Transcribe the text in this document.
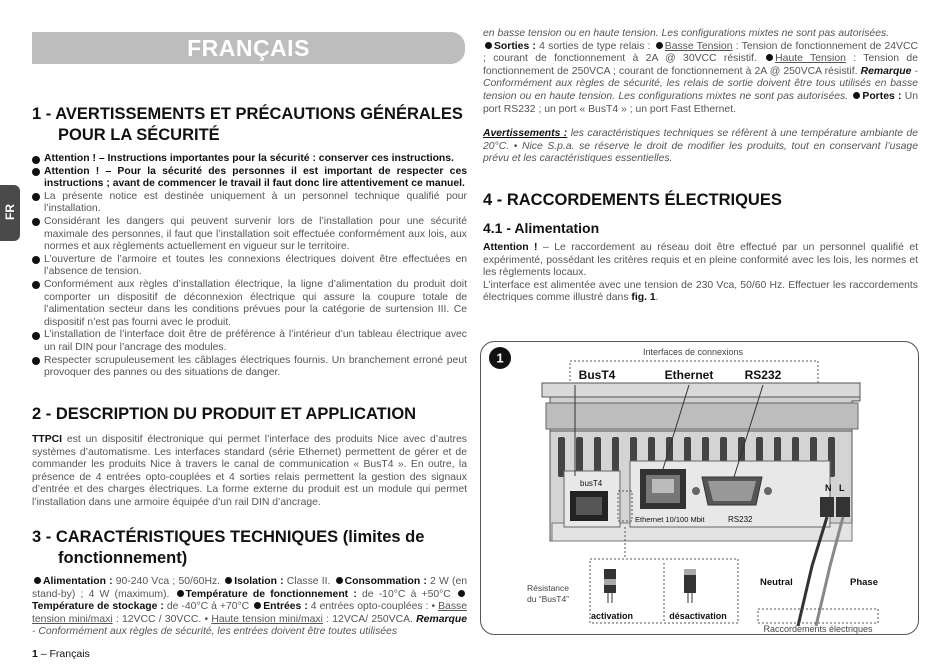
FRANÇAIS
FR
1 - AVERTISSEMENTS ET PRÉCAUTIONS GÉNÉRALES
POUR LA SÉCURITÉ
Attention ! – Instructions importantes pour la sécurité : conserver ces instructions.
Attention ! – Pour la sécurité des personnes il est important de respecter ces instructions ; avant de commencer le travail il faut donc lire attentivement ce manuel.
La présente notice est destinée uniquement à un personnel technique qualifié pour l’installation.
Considérant les dangers qui peuvent survenir lors de l’installation pour une sécurité maximale des personnes, il faut que l’installation soit effectuée conformément aux lois, aux normes et aux règlements actuellement en vigueur sur le territoire.
L’ouverture de l’armoire et toutes les connexions électriques doivent être effectuées en l’absence de tension.
Conformément aux règles d’installation électrique, la ligne d’alimentation du produit doit comporter un dispositif de déconnexion électrique qui assure la coupure totale de l’alimentation secteur dans les conditions prévues pour la catégorie de surtension III. Ce dispositif n’est pas fourni avec le produit.
L’installation de l’interface doit être de préférence à l’intérieur d’un tableau électrique avec un rail DIN pour l’ancrage des modules.
Respecter scrupuleusement les câblages électriques fournis. Un branchement erroné peut provoquer des pannes ou des situations de danger.
2 - DESCRIPTION DU PRODUIT ET APPLICATION
TTPCI est un dispositif électronique qui permet l’interface des produits Nice avec d’autres systèmes d’automatisme. Les interfaces standard (série Ethernet) permettent de gérer et de commander les produits Nice à travers le canal de communication « BusT4 ». En outre, la présence de 4 entrées opto-couplées et 4 sorties relais permettent la gestion des signaux d’entrée et des charges électriques. La forme externe du produit est un module qui permet l’installation dans une armoire équipée d’un rail DIN d’ancrage.
3 - CARACTÉRISTIQUES TECHNIQUES (limites de
fonctionnement)
Alimentation : 90-240 Vca ; 50/60Hz. Isolation : Classe II. Consommation : 2 W (en stand-by) ; 4 W (maximum). Température de fonctionnement : de -10°C à +50°C Température de stockage : de -40°C à +70°C Entrées : 4 entrées opto-couplées : • Basse tension mini/maxi : 12VCC / 30VCC. • Haute tension mini/maxi : 12VCA/ 250VCA. Remarque - Conformément aux règles de sécurité, les entrées doivent être toutes utilisées
1 – Français
en basse tension ou en haute tension. Les configurations mixtes ne sont pas autorisées.
Sorties : 4 sorties de type relais : Basse Tension : Tension de fonctionnement de 24VCC ; courant de fonctionnement à 2A @ 30VCC résistif. Haute Tension : Tension de fonctionnement de 250VCA ; courant de fonctionnement à 2A @ 250VCA résistif. Remarque - Conformément aux règles de sécurité, les relais de sortie doivent être tous utilisés en basse tension ou en haute tension. Les configurations mixtes ne sont pas autorisées. Portes : Un port RS232 ; un port « BusT4 » ; un port Fast Ethernet.
Avertissements : les caractéristiques techniques se réfèrent à une température ambiante de 20°C. • Nice S.p.a. se réserve le droit de modifier les produits, tout en conservant l’usage prévu et les caractéristiques essentielles.
4 - RACCORDEMENTS ÉLECTRIQUES
4.1 - Alimentation
Attention ! – Le raccordement au réseau doit être effectué par un personnel qualifié et expérimenté, possédant les critères requis et en pleine conformité avec les lois, les normes et les règlements locaux.
L’interface est alimentée avec une tension de 230 Vca, 50/60 Hz. Effectuer les raccordements électriques comme illustré dans fig. 1.
1	Interfaces de connexions
BusT4	Ethernet	RS232
busT4
Ethernet 10/100 Mbit	RS232
N L
Neutral	Phase
activation	désactivation
Résistance
du “BusT4”
Raccordements électriques
